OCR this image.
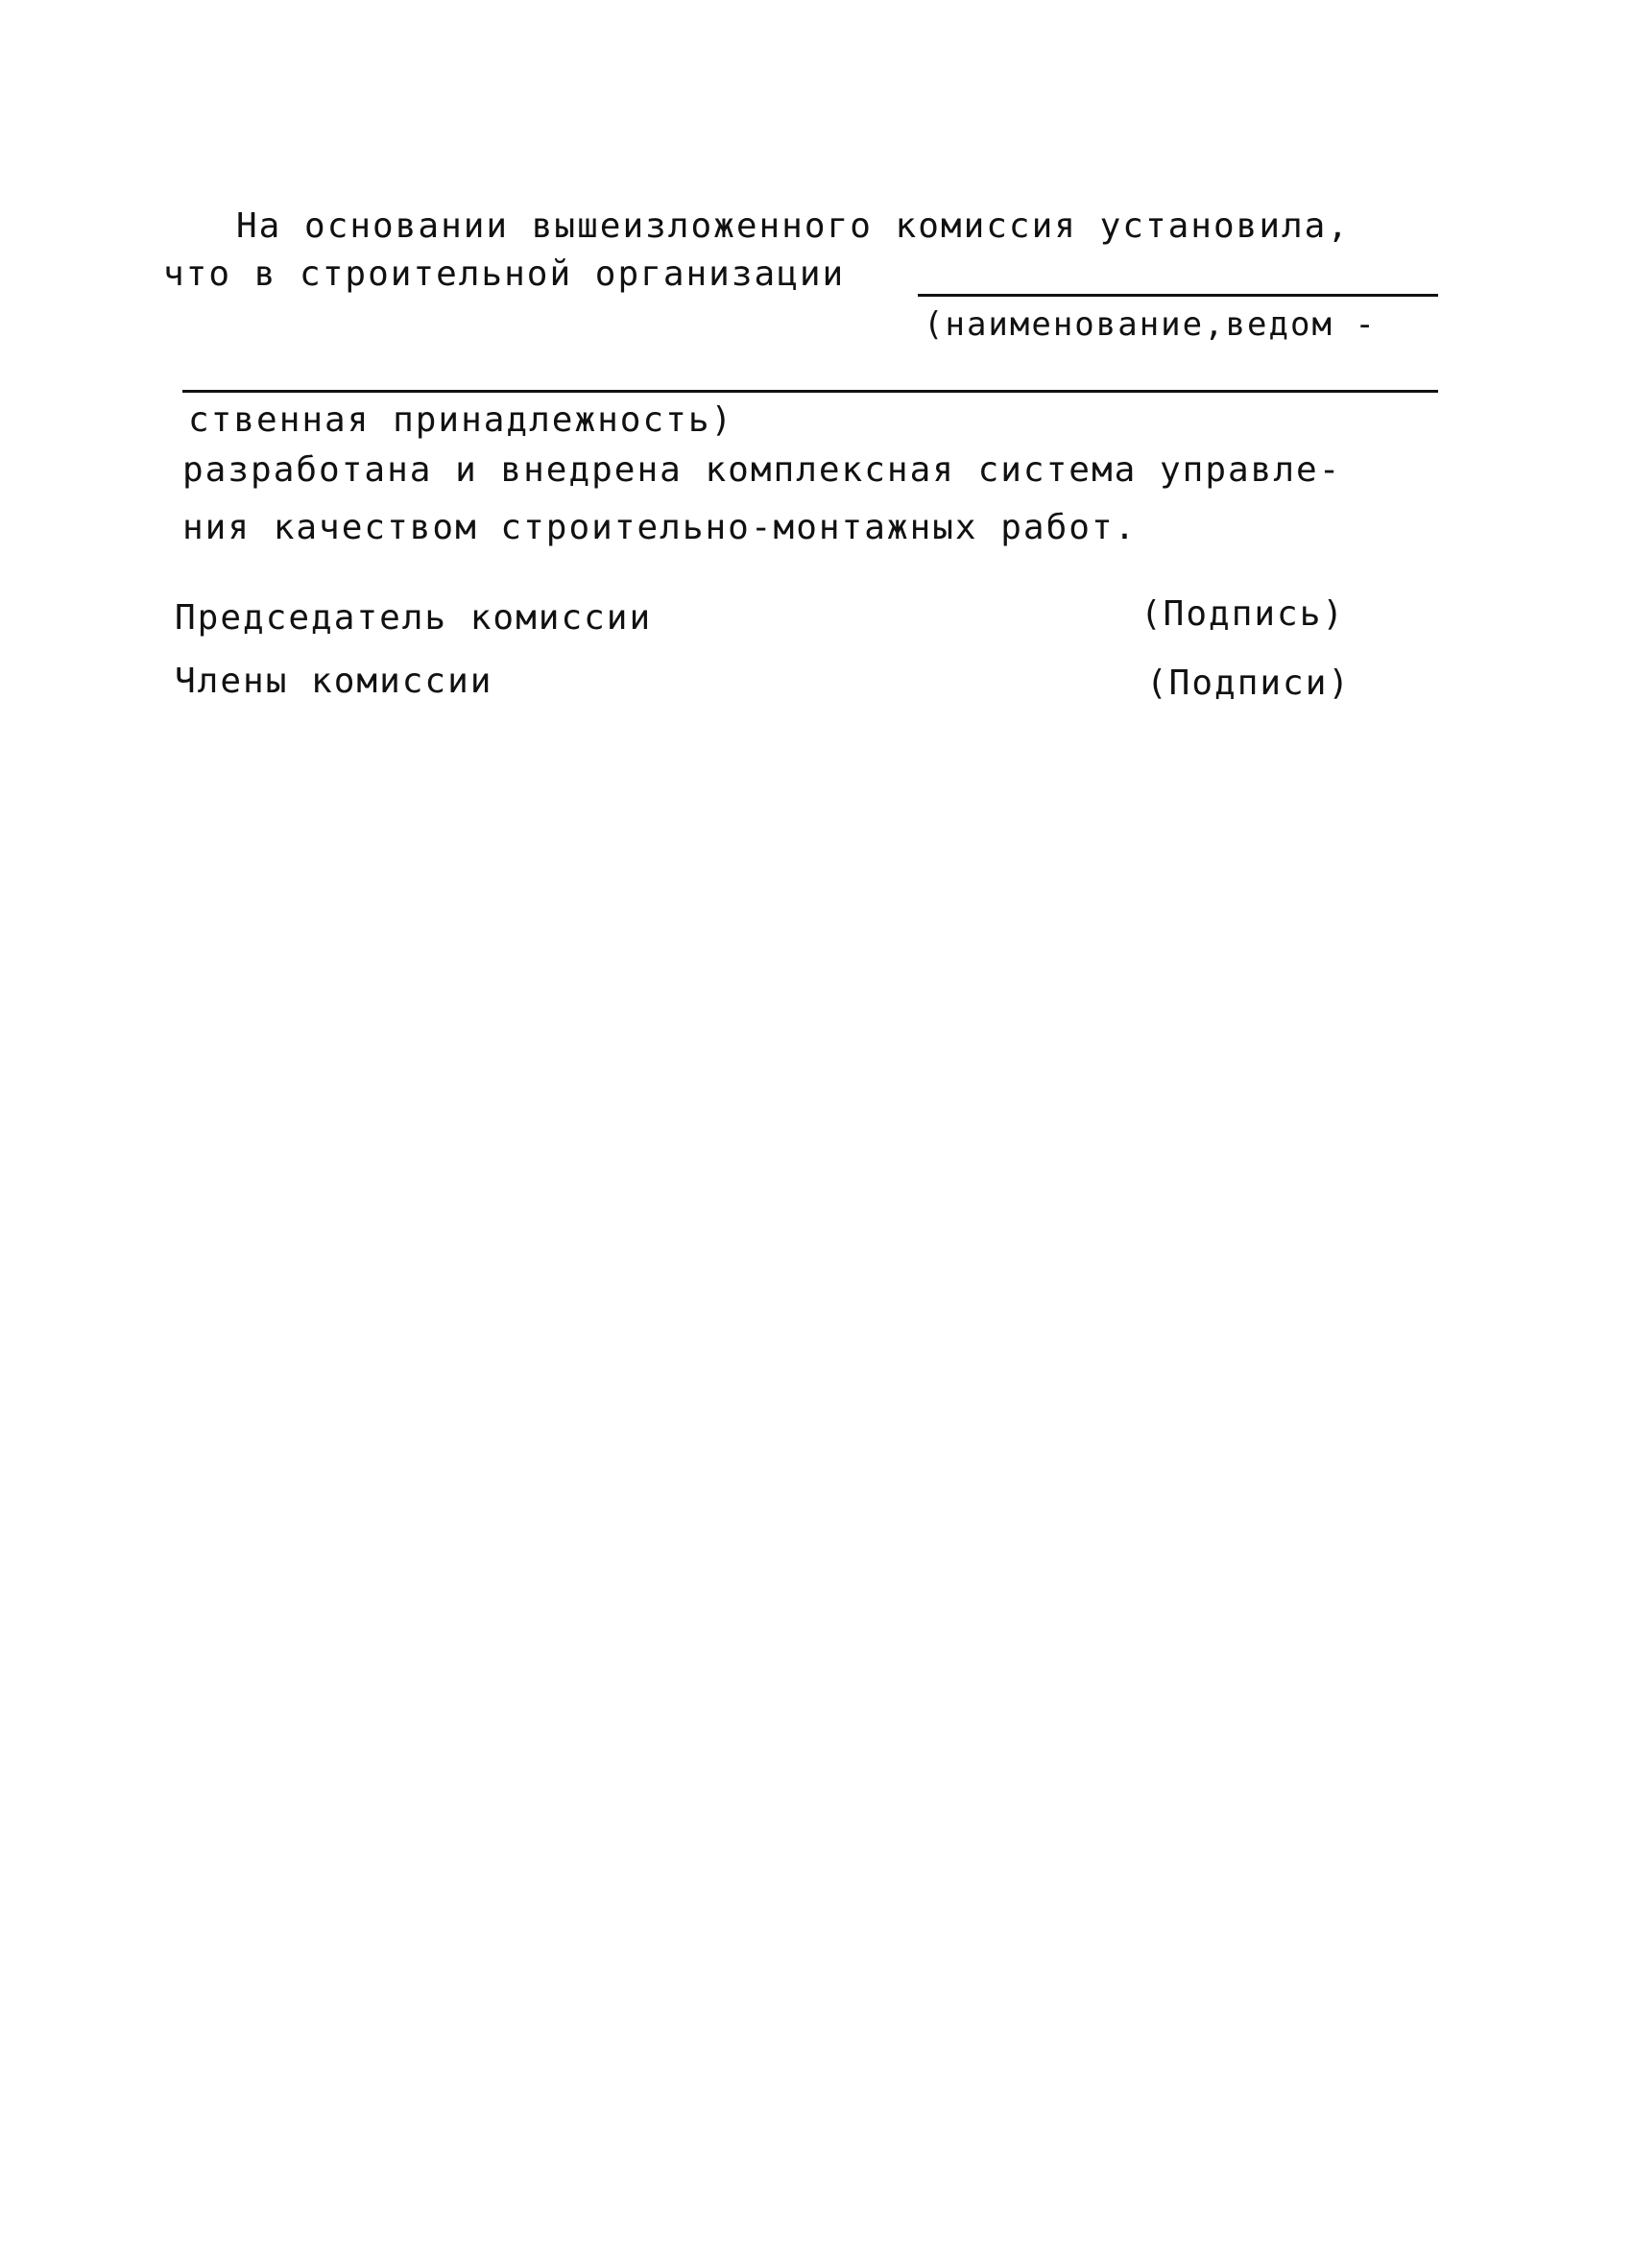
На основании вышеизложенного комиссия установила,
что в строительной организации
(наименование,ведом -
ственная принадлежность)
разработана и внедрена комплексная система управле-
ния качеством строительно-монтажных работ.
Председатель комиссии	(Подпись)
Члены комиссии	(Подписи)
